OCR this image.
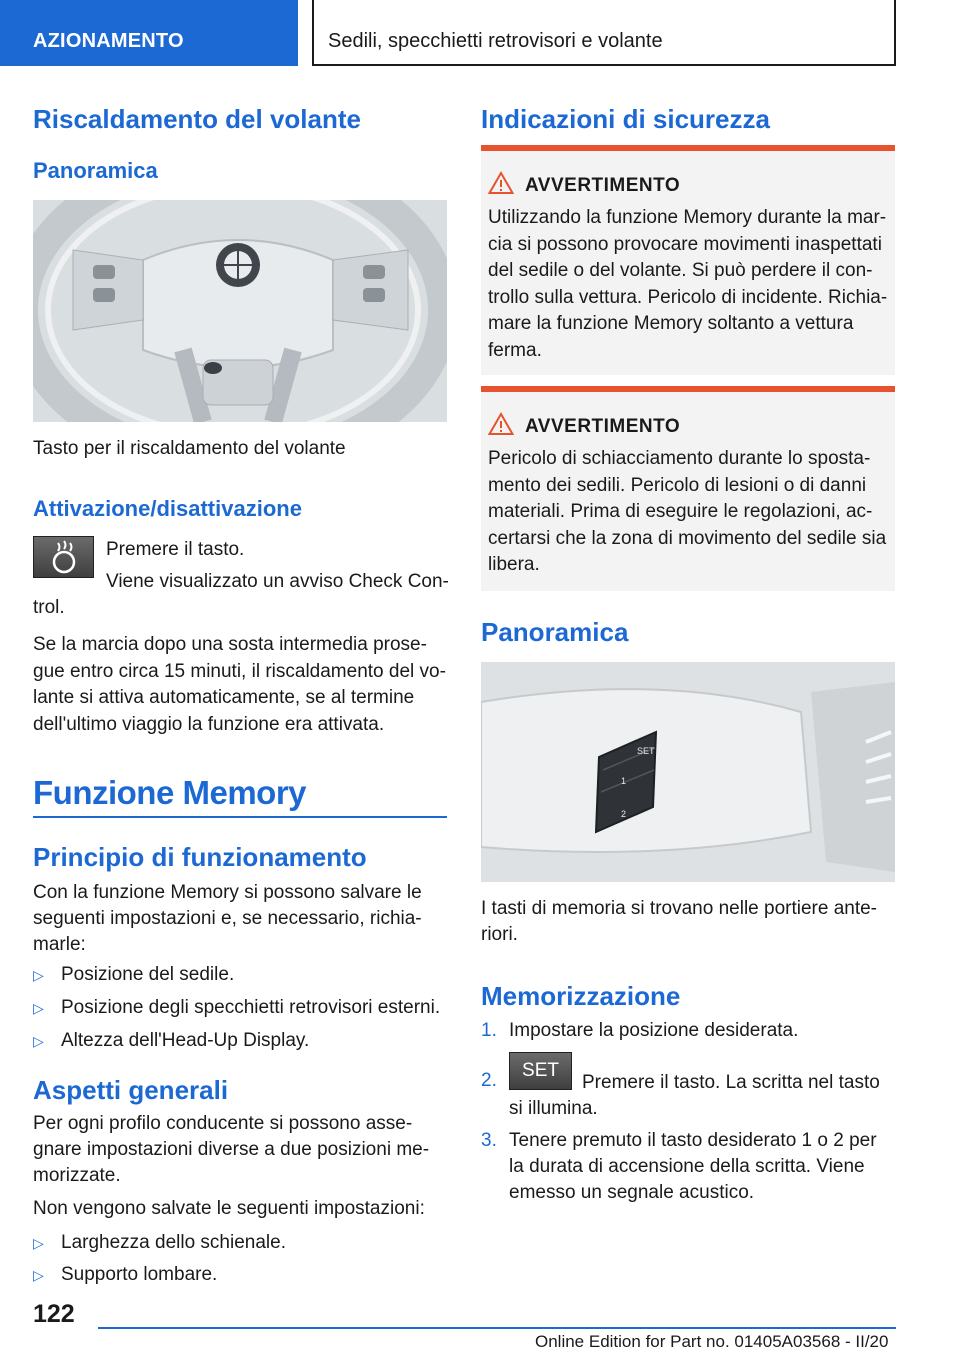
AZIONAMENTO	Sedili, specchietti retrovisori e volante
Riscaldamento del volante
Panoramica
Tasto per il riscaldamento del volante
Attivazione/disattivazione
Premere il tasto.
Viene visualizzato un avviso Check Con-
trol.
Se la marcia dopo una sosta intermedia prose-
gue entro circa 15 minuti, il riscaldamento del vo-
lante si attiva automaticamente, se al termine
dell'ultimo viaggio la funzione era attivata.
Funzione Memory
Principio di funzionamento
Con la funzione Memory si possono salvare le
seguenti impostazioni e, se necessario, richia-
marle:
▷ Posizione del sedile.
▷ Posizione degli specchietti retrovisori esterni.
▷ Altezza dell'Head-Up Display.
Aspetti generali
Per ogni profilo conducente si possono asse-
gnare impostazioni diverse a due posizioni me-
morizzate.
Non vengono salvate le seguenti impostazioni:
▷ Larghezza dello schienale.
▷ Supporto lombare.
Indicazioni di sicurezza
AVVERTIMENTO
Utilizzando la funzione Memory durante la mar-
cia si possono provocare movimenti inaspettati
del sedile o del volante. Si può perdere il con-
trollo sulla vettura. Pericolo di incidente. Richia-
mare la funzione Memory soltanto a vettura
ferma.
AVVERTIMENTO
Pericolo di schiacciamento durante lo sposta-
mento dei sedili. Pericolo di lesioni o di danni
materiali. Prima di eseguire le regolazioni, ac-
certarsi che la zona di movimento del sedile sia
libera.
Panoramica
SET
1
2
I tasti di memoria si trovano nelle portiere ante-
riori.
Memorizzazione
1. Impostare la posizione desiderata.
2.	SET
Premere il tasto. La scritta nel tasto
si illumina.
3. Tenere premuto il tasto desiderato 1 o 2 per
la durata di accensione della scritta. Viene
emesso un segnale acustico.
122
Online Edition for Part no. 01405A03568 - II/20
